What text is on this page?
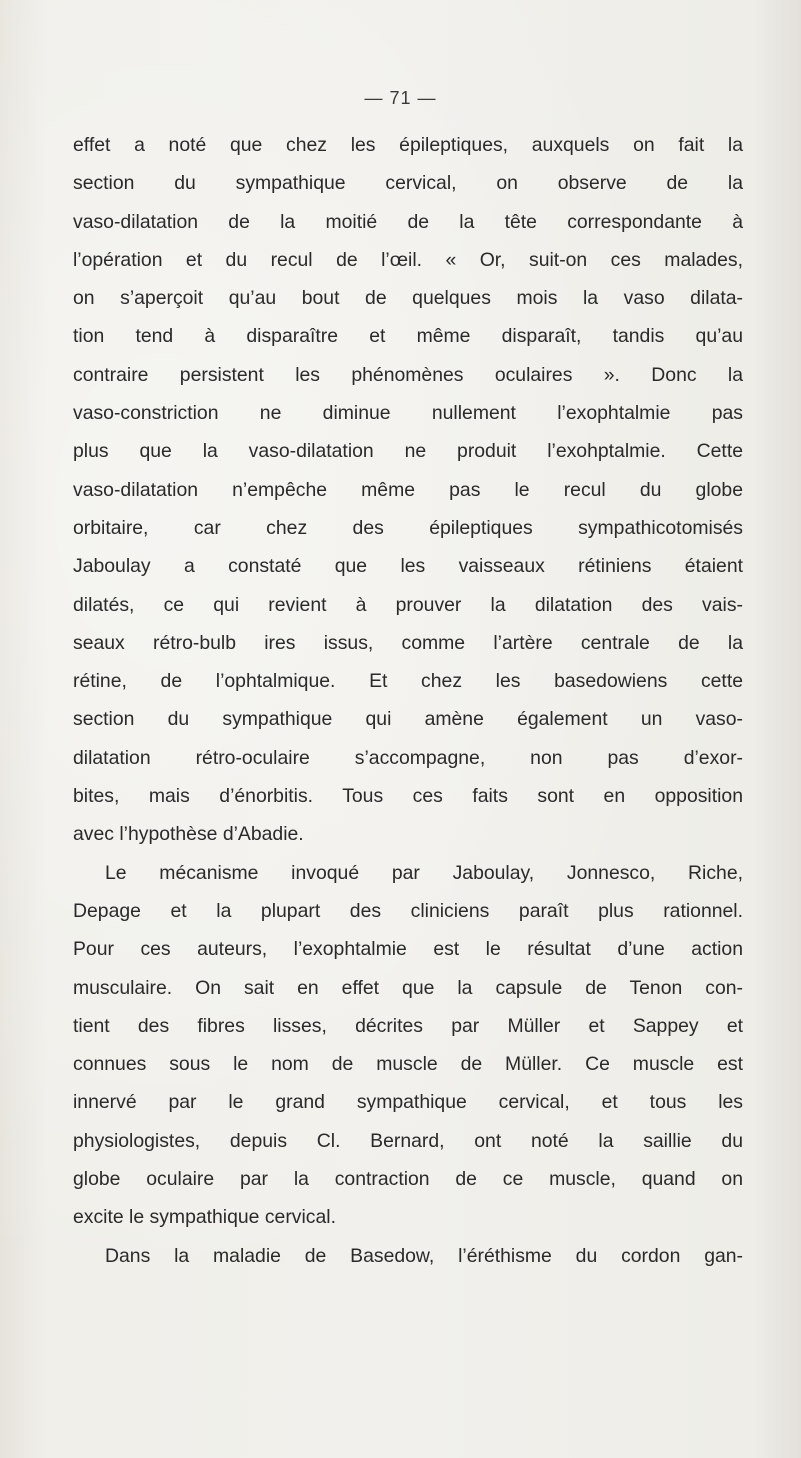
— 71 —
effet a noté que chez les épileptiques, auxquels on fait la
section du sympathique cervical, on observe de la
vaso-dilatation de la moitié de la tête correspondante à
l’opération et du recul de l’œil. « Or, suit-on ces malades,
on s’aperçoit qu’au bout de quelques mois la vaso dilata-
tion tend à disparaître et même disparaît, tandis qu’au
contraire persistent les phénomènes oculaires ». Donc la
vaso-constriction ne diminue nullement l’exophtalmie pas
plus que la vaso-dilatation ne produit l’exohptalmie. Cette
vaso-dilatation n’empêche même pas le recul du globe
orbitaire, car chez des épileptiques sympathicotomisés
Jaboulay a constaté que les vaisseaux rétiniens étaient
dilatés, ce qui revient à prouver la dilatation des vais-
seaux rétro-bulb ires issus, comme l’artère centrale de la
rétine, de l’ophtalmique. Et chez les basedowiens cette
section du sympathique qui amène également un vaso-
dilatation rétro-oculaire s’accompagne, non pas d’exor-
bites, mais d’énorbitis. Tous ces faits sont en opposition
avec l’hypothèse d’Abadie.
Le mécanisme invoqué par Jaboulay, Jonnesco, Riche,
Depage et la plupart des cliniciens paraît plus rationnel.
Pour ces auteurs, l’exophtalmie est le résultat d’une action
musculaire. On sait en effet que la capsule de Tenon con-
tient des fibres lisses, décrites par Müller et Sappey et
connues sous le nom de muscle de Müller. Ce muscle est
innervé par le grand sympathique cervical, et tous les
physiologistes, depuis Cl. Bernard, ont noté la saillie du
globe oculaire par la contraction de ce muscle, quand on
excite le sympathique cervical.
Dans la maladie de Basedow, l’éréthisme du cordon gan-
